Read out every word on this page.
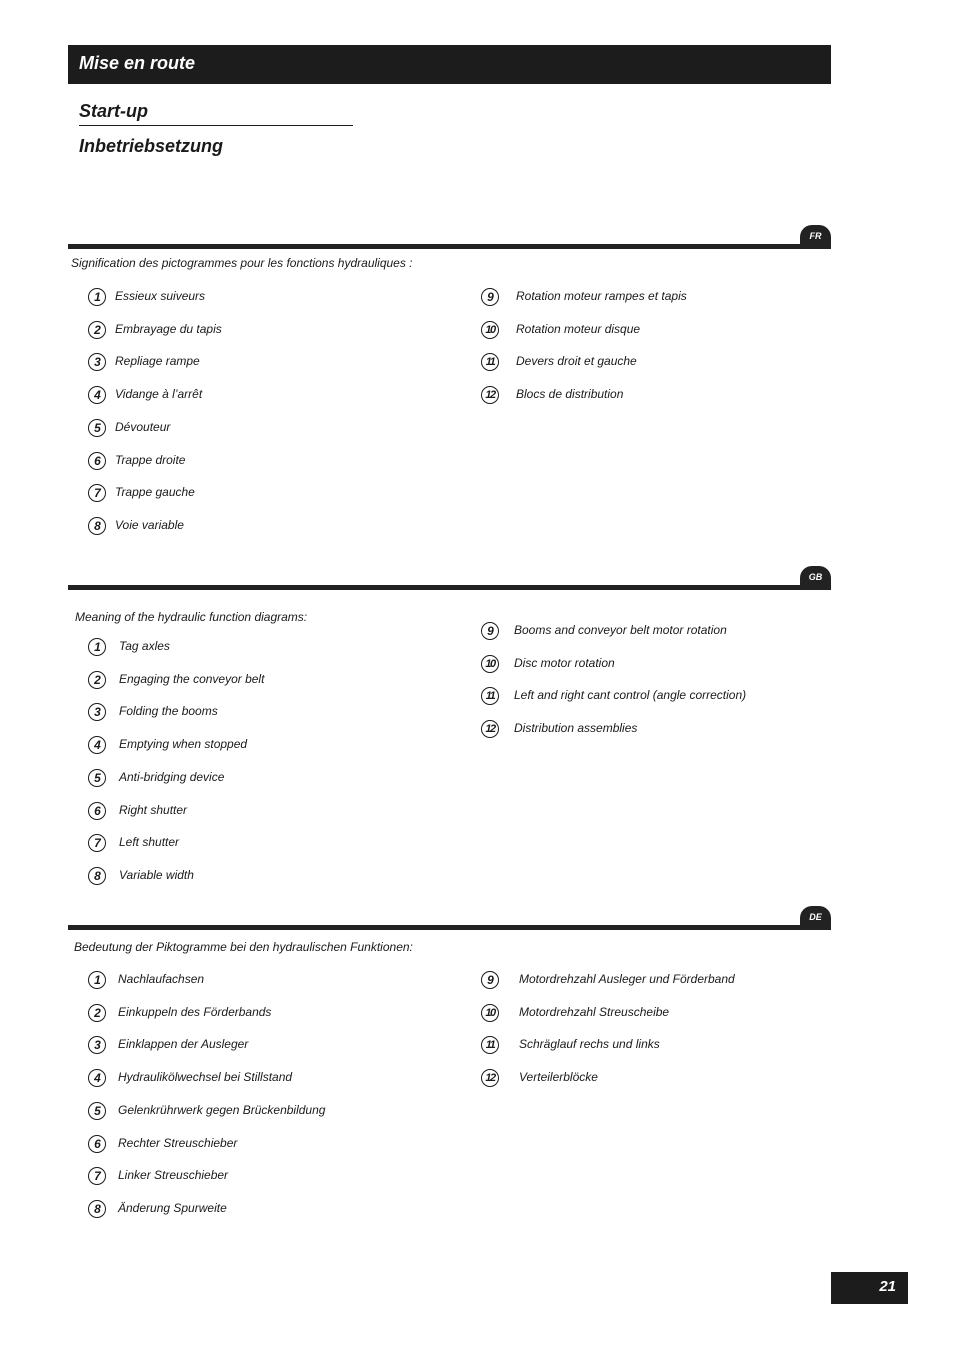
Mise en route
Start-up
Inbetriebsetzung
FR
Signification des pictogrammes pour les fonctions hydrauliques :
GB
Meaning of the hydraulic function diagrams:
DE
Bedeutung der Piktogramme bei den hydraulischen Funktionen:
1	Essieux suiveurs
2	Embrayage du tapis
3	Repliage rampe
4	Vidange à l’arrêt
5	Dévouteur
6	Trappe droite
7	Trappe gauche
8	Voie variable
9	Rotation moteur rampes et tapis
10	Rotation moteur disque
11	Devers droit et gauche
12	Blocs de distribution
1	Tag axles
2	Engaging the conveyor belt
3	Folding the booms
4	Emptying when stopped
5	Anti-bridging device
6	Right shutter
7	Left shutter
8	Variable width
9	Booms and conveyor belt motor rotation
10	Disc motor rotation
11	Left and right cant control (angle correction)
12	Distribution assemblies
1	Nachlaufachsen
2	Einkuppeln des Förderbands
3	Einklappen der Ausleger
4	Hydraulikölwechsel bei Stillstand
5	Gelenkrührwerk gegen Brückenbildung
6	Rechter Streuschieber
7	Linker Streuschieber
8	Änderung Spurweite
9	Motordrehzahl Ausleger und Förderband
10	Motordrehzahl Streuscheibe
11	Schräglauf rechs und links
12	Verteilerblöcke
21
